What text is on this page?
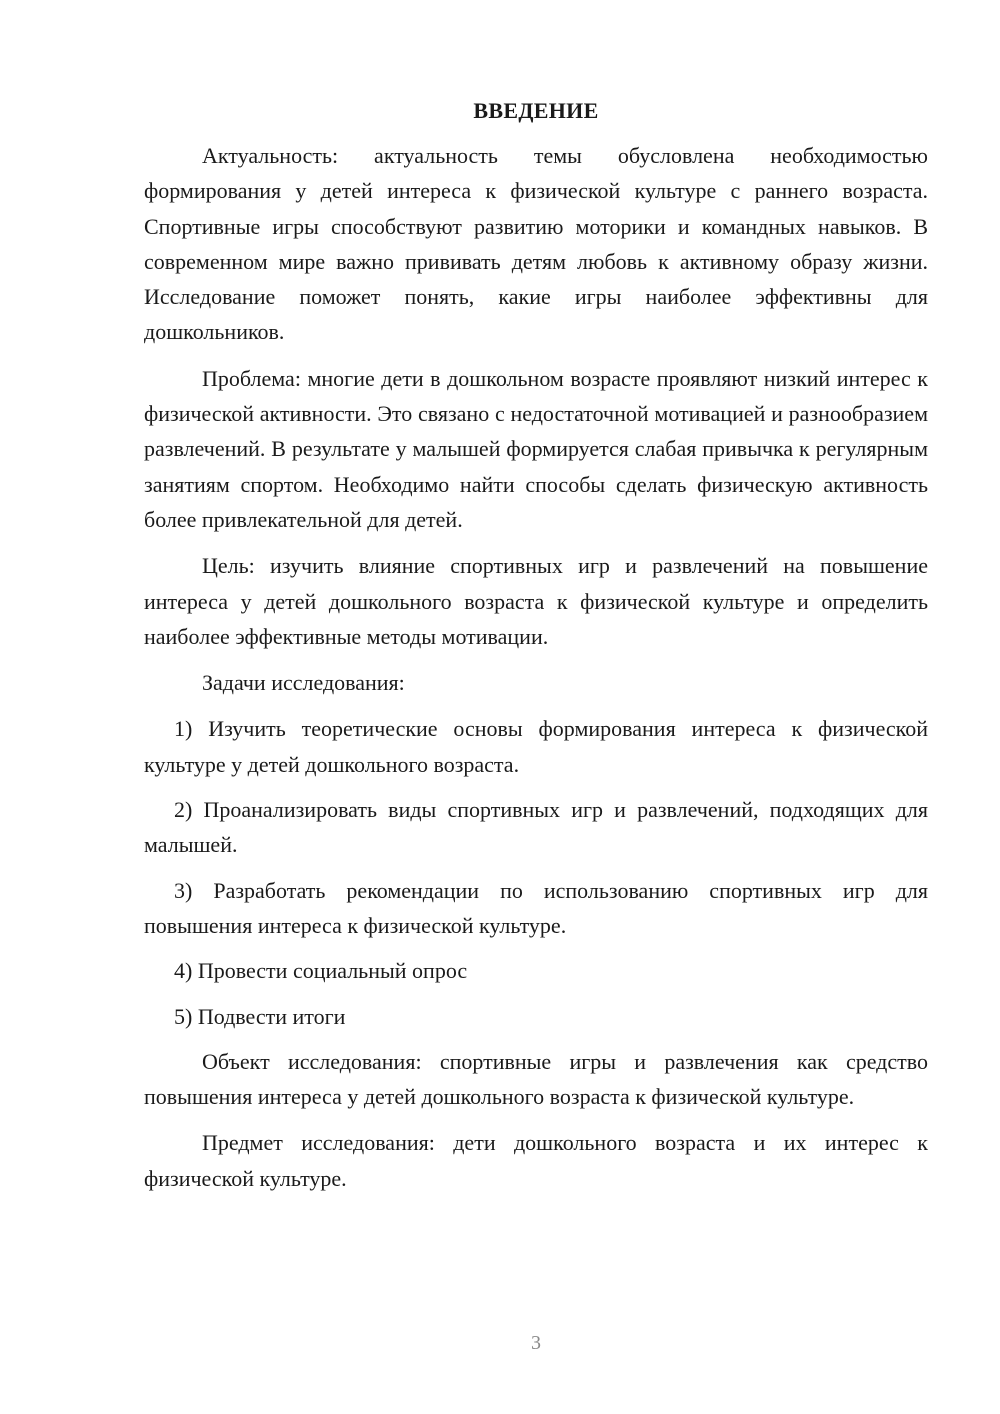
ВВЕДЕНИЕ

Актуальность: актуальность темы обусловлена необходимостью формирования у детей интереса к физической культуре с раннего возраста. Спортивные игры способствуют развитию моторики и командных навыков. В современном мире важно прививать детям любовь к активному образу жизни. Исследование поможет понять, какие игры наиболее эффективны для дошкольников.

Проблема: многие дети в дошкольном возрасте проявляют низкий интерес к физической активности. Это связано с недостаточной мотивацией и разнообразием развлечений. В результате у малышей формируется слабая привычка к регулярным занятиям спортом. Необходимо найти способы сделать физическую активность более привлекательной для детей.

Цель: изучить влияние спортивных игр и развлечений на повышение интереса у детей дошкольного возраста к физической культуре и определить наиболее эффективные методы мотивации.

Задачи исследования:

1) Изучить теоретические основы формирования интереса к физической культуре у детей дошкольного возраста.

2) Проанализировать виды спортивных игр и развлечений, подходящих для малышей.

3) Разработать рекомендации по использованию спортивных игр для повышения интереса к физической культуре.

4) Провести социальный опрос

5) Подвести итоги

Объект исследования: спортивные игры и развлечения как средство повышения интереса у детей дошкольного возраста к физической культуре.

Предмет исследования: дети дошкольного возраста и их интерес к физической культуре.

3
